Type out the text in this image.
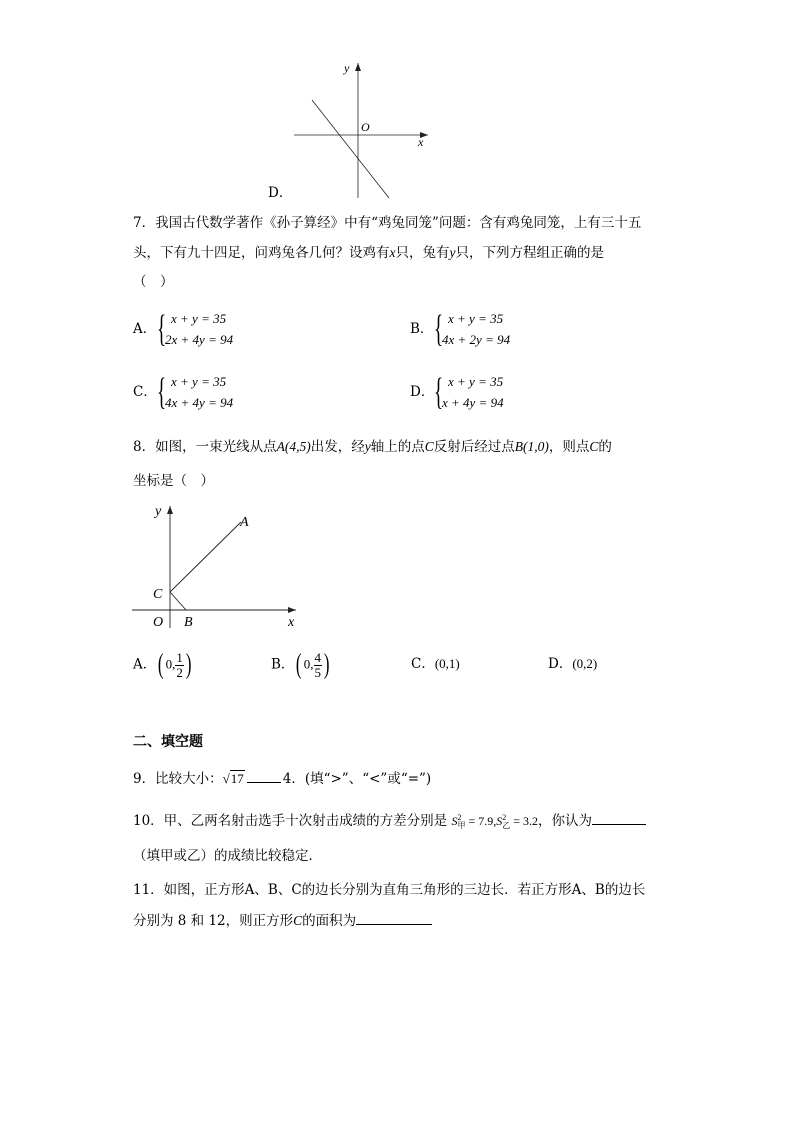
D．
y
x
O
7．我国古代数学著作《孙子算经》中有“鸡兔同笼”问题：含有鸡兔同笼，上有三十五
头，下有九十四足，问鸡兔各几何？设鸡有x只，兔有y只，下列方程组正确的是
（　）
A． { x + y = 35
2x + 4y = 94
B． { x + y = 35
4x + 2y = 94
C． { x + y = 35
4x + 4y = 94
D． { x + y = 35
x + 4y = 94
8．如图，一束光线从点A(4,5)出发，经y轴上的点C反射后经过点B(1,0)，则点C的
坐标是（　）
y
x
A
C
O B
A．( 0, $\frac{1}{2}$ )	B．( 0, $\frac{4}{5}$ )	C．(0,1)	D．(0,2)
二、填空题
9．比较大小：√17	4．(填“>”、“<”或“=”)
10．甲、乙两名射击选手十次射击成绩的方差分别是 S 2
甲 = 7.9,S 2
乙 = 3.2，你认为
（填甲或乙）的成绩比较稳定．
11．如图，正方形A、B、C的边长分别为直角三角形的三边长．若正方形A、B的边长
分别为 8 和 12，则正方形C的面积为
